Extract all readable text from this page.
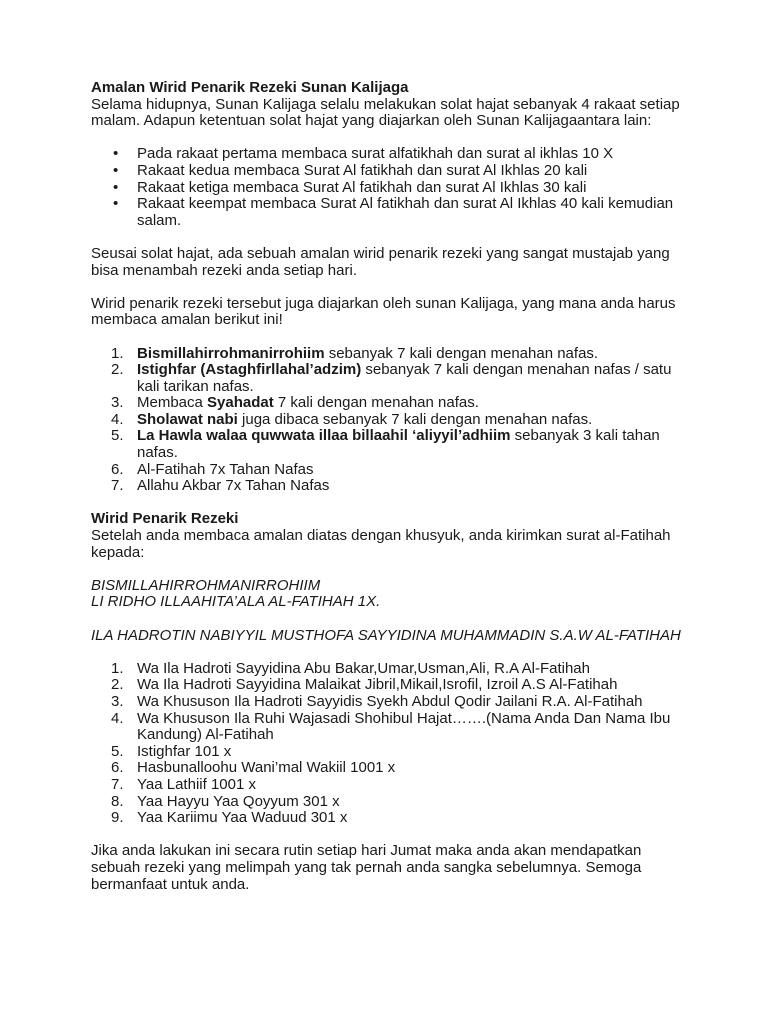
Amalan Wirid Penarik Rezeki Sunan Kalijaga

Selama hidupnya, Sunan Kalijaga selalu melakukan solat hajat sebanyak 4 rakaat setiap malam. Adapun ketentuan solat hajat yang diajarkan oleh Sunan Kalijagaantara lain:

• Pada rakaat pertama membaca surat alfatikhah dan surat al ikhlas 10 X
• Rakaat kedua membaca Surat Al fatikhah dan surat Al Ikhlas 20 kali
• Rakaat ketiga membaca Surat Al fatikhah dan surat Al Ikhlas 30 kali
• Rakaat keempat membaca Surat Al fatikhah dan surat Al Ikhlas 40 kali kemudian salam.

Seusai solat hajat, ada sebuah amalan wirid penarik rezeki yang sangat mustajab yang bisa menambah rezeki anda setiap hari.

Wirid penarik rezeki tersebut juga diajarkan oleh sunan Kalijaga, yang mana anda harus membaca amalan berikut ini!

1. Bismillahirrohmanirrohiim sebanyak 7 kali dengan menahan nafas.
2. Istighfar (Astaghfirllahal’adzim) sebanyak 7 kali dengan menahan nafas / satu kali tarikan nafas.
3. Membaca Syahadat 7 kali dengan menahan nafas.
4. Sholawat nabi juga dibaca sebanyak 7 kali dengan menahan nafas.
5. La Hawla walaa quwwata illaa billaahil ‘aliyyil’adhiim sebanyak 3 kali tahan nafas.
6. Al-Fatihah 7x Tahan Nafas
7. Allahu Akbar 7x Tahan Nafas

Wirid Penarik Rezeki

Setelah anda membaca amalan diatas dengan khusyuk, anda kirimkan surat al-Fatihah kepada:

BISMILLAHIRROHMANIRROHIIM

LI RIDHO ILLAAHITA’ALA AL-FATIHAH 1X.

ILA HADROTIN NABIYYIL MUSTHOFA SAYYIDINA MUHAMMADIN S.A.W AL-FATIHAH

1. Wa Ila Hadroti Sayyidina Abu Bakar,Umar,Usman,Ali, R.A Al-Fatihah
2. Wa Ila Hadroti Sayyidina Malaikat Jibril,Mikail,Isrofil, Izroil A.S Al-Fatihah
3. Wa Khususon Ila Hadroti Sayyidis Syekh Abdul Qodir Jailani R.A. Al-Fatihah
4. Wa Khususon Ila Ruhi Wajasadi Shohibul Hajat…….(Nama Anda Dan Nama Ibu Kandung) Al-Fatihah
5. Istighfar 101 x
6. Hasbunalloohu Wani’mal Wakiil 1001 x
7. Yaa Lathiif 1001 x
8. Yaa Hayyu Yaa Qoyyum 301 x
9. Yaa Kariimu Yaa Waduud 301 x

Jika anda lakukan ini secara rutin setiap hari Jumat maka anda akan mendapatkan sebuah rezeki yang melimpah yang tak pernah anda sangka sebelumnya. Semoga bermanfaat untuk anda.
